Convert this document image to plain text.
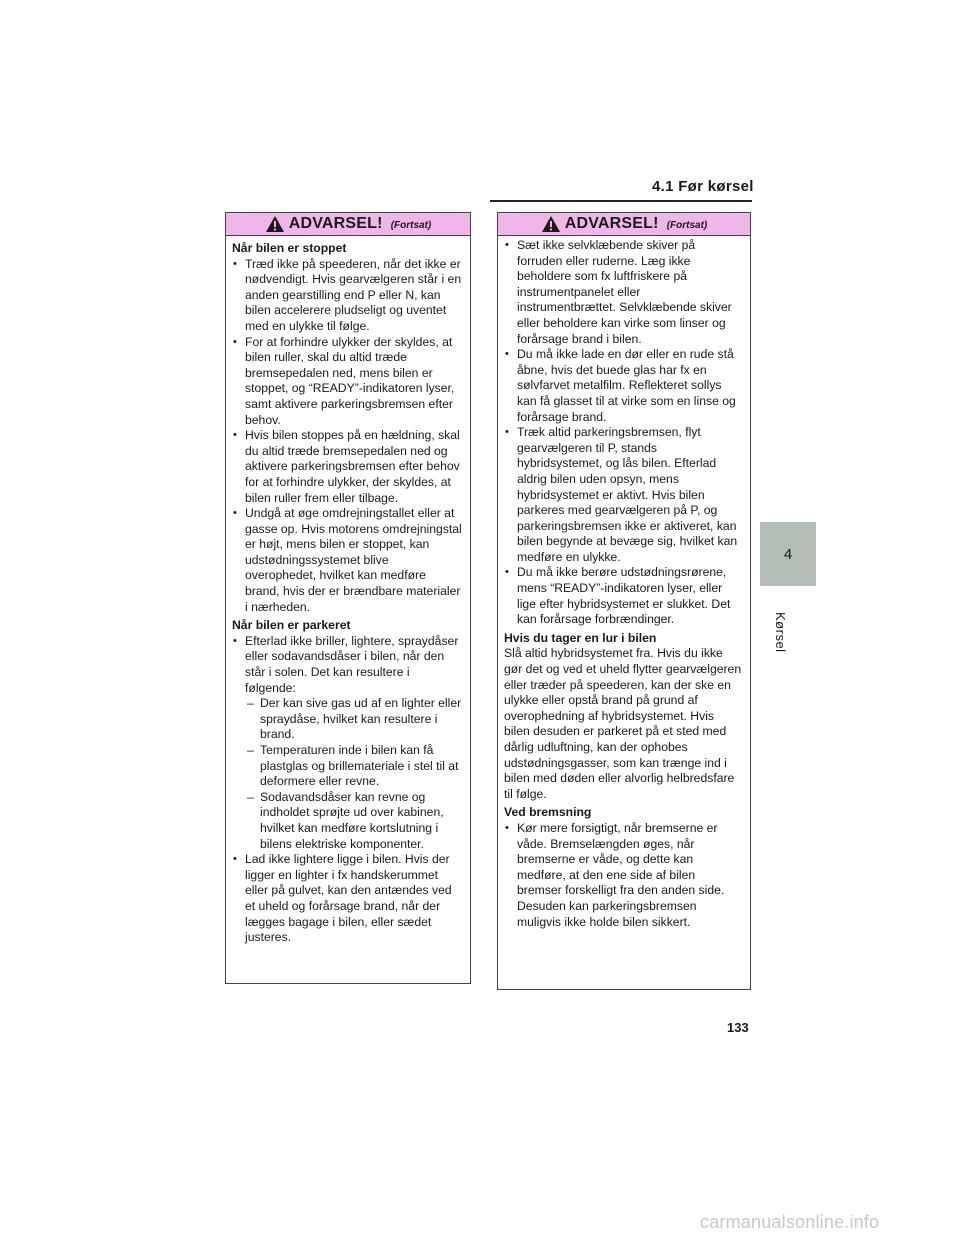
4.1 Før kørsel
ADVARSEL! (Fortsat)
Når bilen er stoppet
• Træd ikke på speederen, når det ikke er nødvendigt. Hvis gearvælgeren står i en anden gearstilling end P eller N, kan bilen accelerere pludseligt og uventet med en ulykke til følge.
• For at forhindre ulykker der skyldes, at bilen ruller, skal du altid træde bremsepedalen ned, mens bilen er stoppet, og “READY”-indikatoren lyser, samt aktivere parkeringsbremsen efter behov.
• Hvis bilen stoppes på en hældning, skal du altid træde bremsepedalen ned og aktivere parkeringsbremsen efter behov for at forhindre ulykker, der skyldes, at bilen ruller frem eller tilbage.
• Undgå at øge omdrejningstallet eller at gasse op. Hvis motorens omdrejningstal er højt, mens bilen er stoppet, kan udstødningssystemet blive overophedet, hvilket kan medføre brand, hvis der er brændbare materialer i nærheden.
Når bilen er parkeret
• Efterlad ikke briller, lightere, spraydåser eller sodavandsdåser i bilen, når den står i solen. Det kan resultere i følgende:
– Der kan sive gas ud af en lighter eller spraydåse, hvilket kan resultere i brand.
– Temperaturen inde i bilen kan få plastglas og brillemateriale i stel til at deformere eller revne.
– Sodavandsdåser kan revne og indholdet sprøjte ud over kabinen, hvilket kan medføre kortslutning i bilens elektriske komponenter.
• Lad ikke lightere ligge i bilen. Hvis der ligger en lighter i fx handskerummet eller på gulvet, kan den antændes ved et uheld og forårsage brand, når der lægges bagage i bilen, eller sædet justeres.
ADVARSEL! (Fortsat)
• Sæt ikke selvklæbende skiver på forruden eller ruderne. Læg ikke beholdere som fx luftfriskere på instrumentpanelet eller instrumentbrættet. Selvklæbende skiver eller beholdere kan virke som linser og forårsage brand i bilen.
• Du må ikke lade en dør eller en rude stå åbne, hvis det buede glas har fx en sølvfarvet metalfilm. Reflekteret sollys kan få glasset til at virke som en linse og forårsage brand.
• Træk altid parkeringsbremsen, flyt gearvælgeren til P, stands hybridsystemet, og lås bilen. Efterlad aldrig bilen uden opsyn, mens hybridsystemet er aktivt. Hvis bilen parkeres med gearvælgeren på P, og parkeringsbremsen ikke er aktiveret, kan bilen begynde at bevæge sig, hvilket kan medføre en ulykke.
• Du må ikke berøre udstødningsrørene, mens “READY”-indikatoren lyser, eller lige efter hybridsystemet er slukket. Det kan forårsage forbrændinger.
Hvis du tager en lur i bilen

Slå altid hybridsystemet fra. Hvis du ikke gør det og ved et uheld flytter gearvælgeren eller træder på speederen, kan der ske en ulykke eller opstå brand på grund af overophedning af hybridsystemet. Hvis bilen desuden er parkeret på et sted med dårlig udluftning, kan der ophobes udstødningsgasser, som kan trænge ind i bilen med døden eller alvorlig helbredsfare til følge.

Ved bremsning
• Kør mere forsigtigt, når bremserne er våde. Bremselængden øges, når bremserne er våde, og dette kan medføre, at den ene side af bilen bremser forskelligt fra den anden side. Desuden kan parkeringsbremsen muligvis ikke holde bilen sikkert.
4
Kørsel
133
carmanualsonline.info
